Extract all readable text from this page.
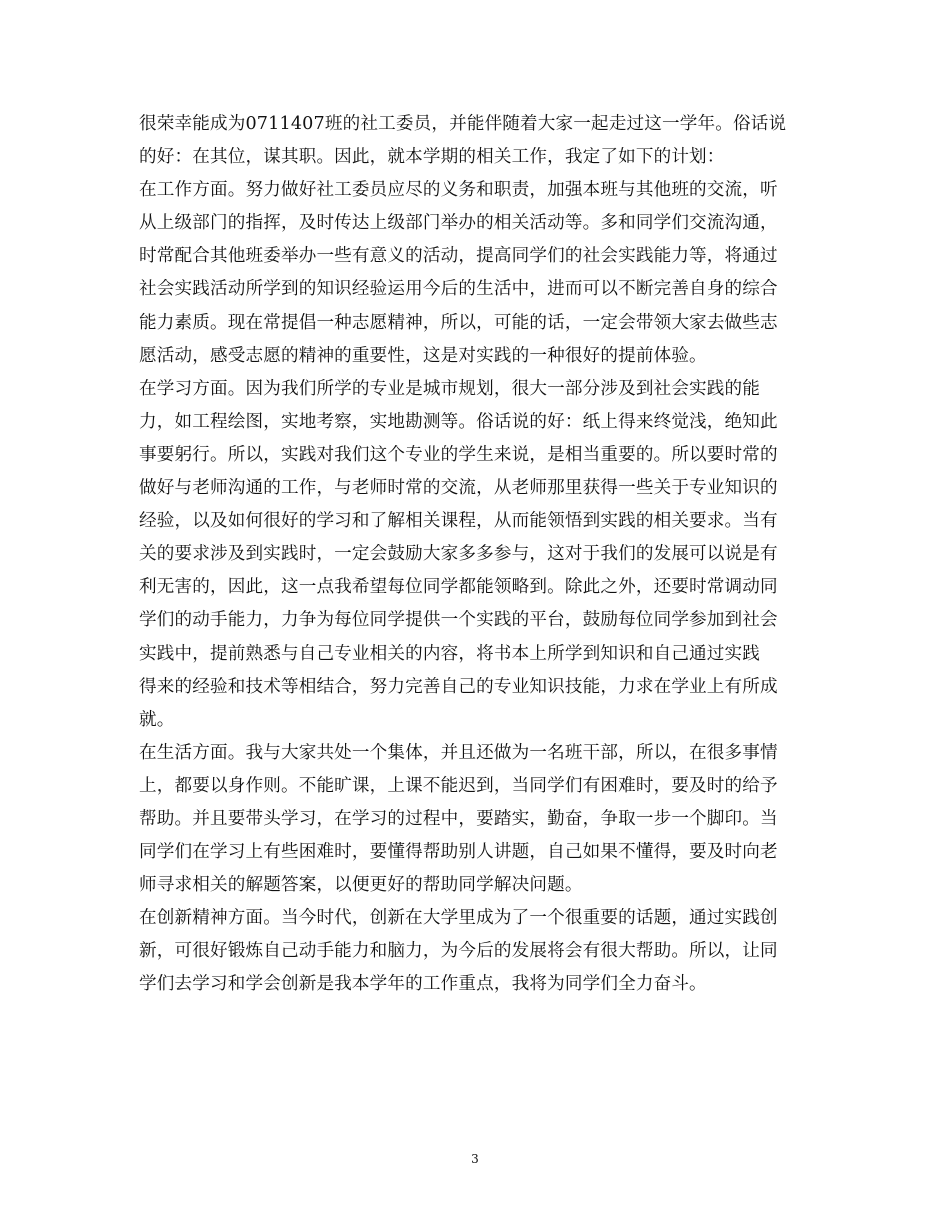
很荣幸能成为0711407班的社工委员，并能伴随着大家一起走过这一学年。俗话说
的好：在其位，谋其职。因此，就本学期的相关工作，我定了如下的计划：
在工作方面。努力做好社工委员应尽的义务和职责，加强本班与其他班的交流，听
从上级部门的指挥，及时传达上级部门举办的相关活动等。多和同学们交流沟通，
时常配合其他班委举办一些有意义的活动，提高同学们的社会实践能力等，将通过
社会实践活动所学到的知识经验运用今后的生活中，进而可以不断完善自身的综合
能力素质。现在常提倡一种志愿精神，所以，可能的话，一定会带领大家去做些志
愿活动，感受志愿的精神的重要性，这是对实践的一种很好的提前体验。
在学习方面。因为我们所学的专业是城市规划，很大一部分涉及到社会实践的能
力，如工程绘图，实地考察，实地勘测等。俗话说的好：纸上得来终觉浅，绝知此
事要躬行。所以，实践对我们这个专业的学生来说，是相当重要的。所以要时常的
做好与老师沟通的工作，与老师时常的交流，从老师那里获得一些关于专业知识的
经验，以及如何很好的学习和了解相关课程，从而能领悟到实践的相关要求。当有
关的要求涉及到实践时，一定会鼓励大家多多参与，这对于我们的发展可以说是有
利无害的，因此，这一点我希望每位同学都能领略到。除此之外，还要时常调动同
学们的动手能力，力争为每位同学提供一个实践的平台，鼓励每位同学参加到社会
实践中，提前熟悉与自己专业相关的内容，将书本上所学到知识和自己通过实践
得来的经验和技术等相结合，努力完善自己的专业知识技能，力求在学业上有所成
就。
在生活方面。我与大家共处一个集体，并且还做为一名班干部，所以，在很多事情
上，都要以身作则。不能旷课，上课不能迟到，当同学们有困难时，要及时的给予
帮助。并且要带头学习，在学习的过程中，要踏实，勤奋，争取一步一个脚印。当
同学们在学习上有些困难时，要懂得帮助别人讲题，自己如果不懂得，要及时向老
师寻求相关的解题答案，以便更好的帮助同学解决问题。
在创新精神方面。当今时代，创新在大学里成为了一个很重要的话题，通过实践创
新，可很好锻炼自己动手能力和脑力，为今后的发展将会有很大帮助。所以，让同
学们去学习和学会创新是我本学年的工作重点，我将为同学们全力奋斗。
3
